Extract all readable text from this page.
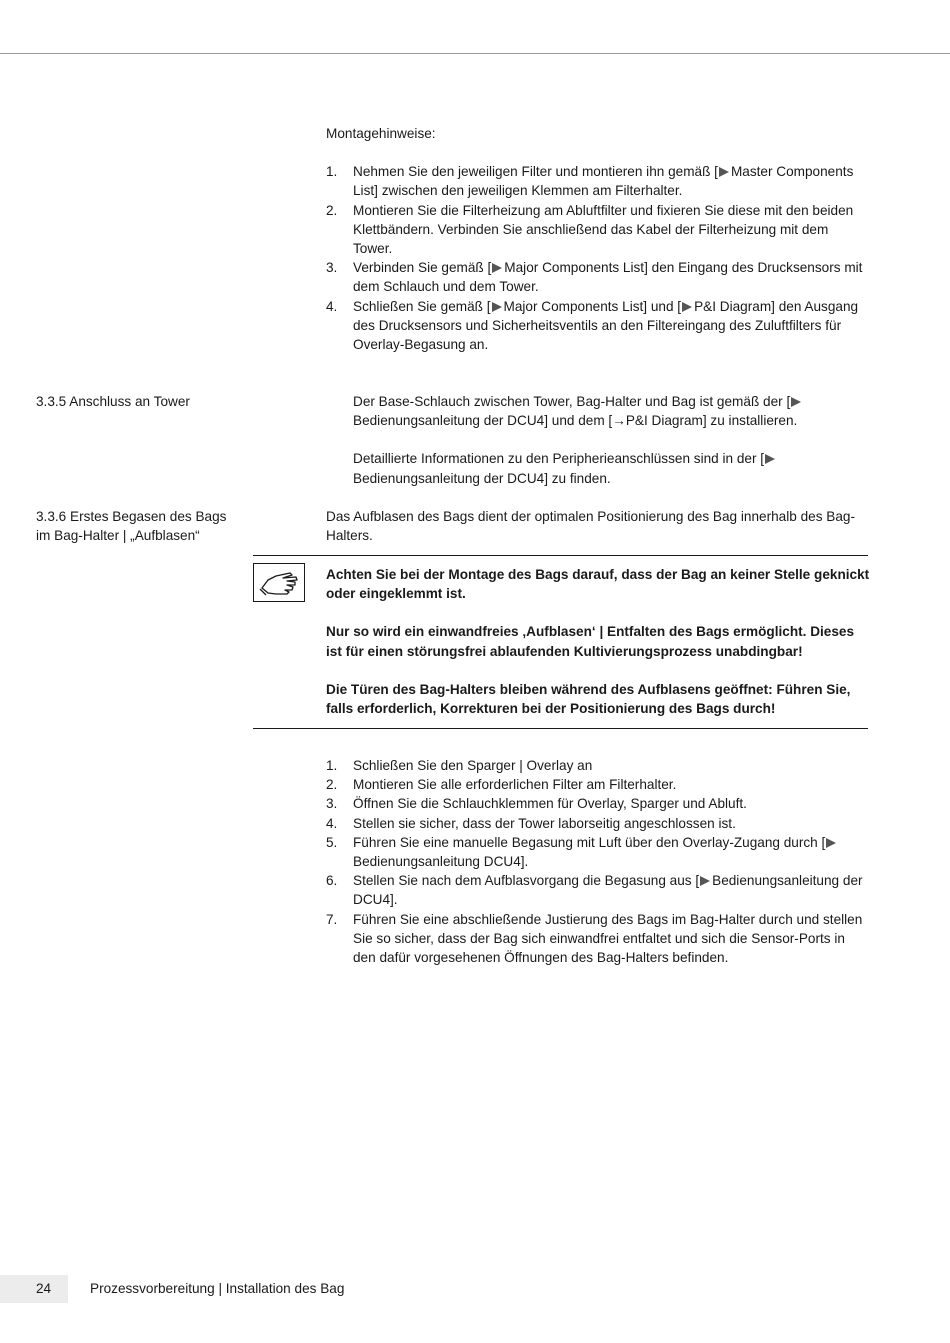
Montagehinweise:
1. Nehmen Sie den jeweiligen Filter und montieren ihn gemäß [ Master Components List] zwischen den jeweiligen Klemmen am Filterhalter.
2. Montieren Sie die Filterheizung am Abluftfilter und fixieren Sie diese mit den beiden Klettbändern. Verbinden Sie anschließend das Kabel der Filterheizung mit dem Tower.
3. Verbinden Sie gemäß [ Major Components List] den Eingang des Drucksensors mit dem Schlauch und dem Tower.
4. Schließen Sie gemäß [ Major Components List] und [ P&I Diagram] den Ausgang des Drucksensors und Sicherheitsventils an den Filtereingang des Zuluftfilters für Overlay-Begasung an.
3.3.5 Anschluss an Tower	Der Base-Schlauch zwischen Tower, Bag-Halter und Bag ist gemäß der [Bedienungsanleitung der DCU4] und dem [→P&I Diagram] zu installieren.
Detaillierte Informationen zu den Peripherieanschlüssen sind in der [Bedienungsanleitung der DCU4] zu finden.
3.3.6 Erstes Begasen des Bags
im Bag-Halter | „Aufblasen“
Das Aufblasen des Bags dient der optimalen Positionierung des Bag innerhalb des Bag-Halters.

Achten Sie bei der Montage des Bags darauf, dass der Bag an keiner Stelle geknickt oder eingeklemmt ist.

Nur so wird ein einwandfreies ‚Aufblasen‘ | Entfalten des Bags ermöglicht. Dieses ist für einen störungsfrei ablaufenden Kultivierungsprozess unabdingbar!

Die Türen des Bag-Halters bleiben während des Aufblasens geöffnet: Führen Sie, falls erforderlich, Korrekturen bei der Positionierung des Bags durch!

1. Schließen Sie den Sparger | Overlay an
2. Montieren Sie alle erforderlichen Filter am Filterhalter.
3. Öffnen Sie die Schlauchklemmen für Overlay, Sparger und Abluft.
4. Stellen sie sicher, dass der Tower laborseitig angeschlossen ist.
5. Führen Sie eine manuelle Begasung mit Luft über den Overlay-Zugang durch [Bedienungsanleitung DCU4].
6. Stellen Sie nach dem Aufblasvorgang die Begasung aus [ Bedienungsanleitung der DCU4].
7. Führen Sie eine abschließende Justierung des Bags im Bag-Halter durch und stellen Sie so sicher, dass der Bag sich einwandfrei entfaltet und sich die Sensor-Ports in den dafür vorgesehenen Öffnungen des Bag-Halters befinden.
24	Prozessvorbereitung | Installation des Bag
